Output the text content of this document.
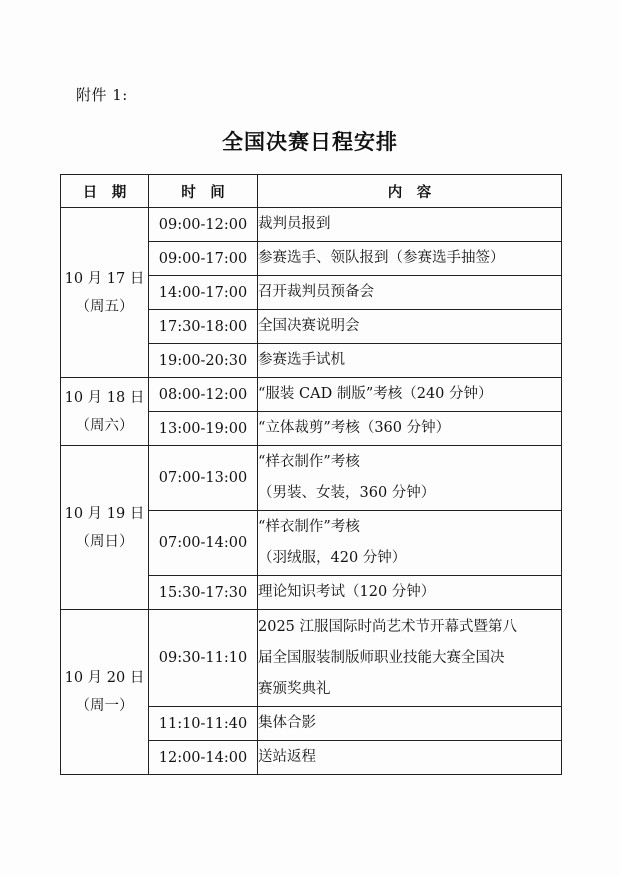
附件 1:
全国决赛日程安排
日　期	时　间	内　容

10 月 17 日
（周五）	09:00-12:00	裁判员报到

	09:00-17:00	参赛选手、领队报到（参赛选手抽签）

	14:00-17:00	召开裁判员预备会

	17:30-18:00	全国决赛说明会

	19:00-20:30	参赛选手试机

10 月 18 日
（周六）	08:00-12:00	“服装 CAD 制版”考核（240 分钟）

	13:00-19:00	“立体裁剪”考核（360 分钟）

10 月 19 日
（周日）	07:00-13:00	“样衣制作”考核
（男装、女装，360 分钟）

	07:00-14:00	“样衣制作”考核
（羽绒服，420 分钟）

	15:30-17:30	理论知识考试（120 分钟）

10 月 20 日
（周一）	09:30-11:10	2025 江服国际时尚艺术节开幕式暨第八
届全国服装制版师职业技能大赛全国决
赛颁奖典礼

	11:10-11:40	集体合影

	12:00-14:00	送站返程
